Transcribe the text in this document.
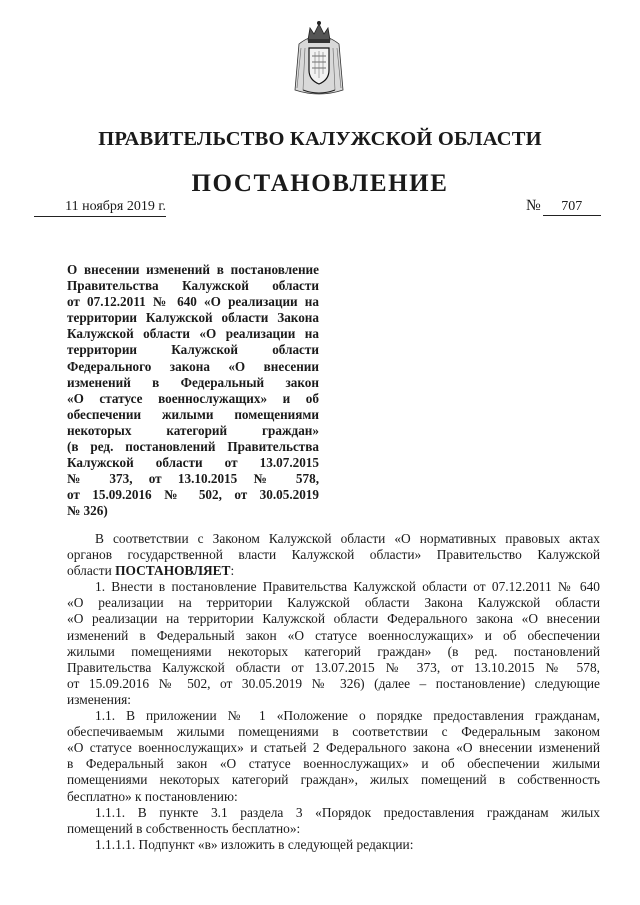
ПРАВИТЕЛЬСТВО КАЛУЖСКОЙ ОБЛАСТИ
ПОСТАНОВЛЕНИЕ
11 ноября 2019 г.	№ 707
О внесении изменений в постановление
Правительства Калужской области
от 07.12.2011 № 640 «О реализации на
территории Калужской области Закона
Калужской области «О реализации на
территории Калужской области
Федерального закона «О внесении
изменений в Федеральный закон
«О статусе военнослужащих» и об
обеспечении жилыми помещениями
некоторых категорий граждан»
(в ред. постановлений Правительства
Калужской области от 13.07.2015
№ 373, от 13.10.2015 № 578,
от 15.09.2016 № 502, от 30.05.2019
№ 326)
В соответствии с Законом Калужской области «О нормативных правовых актах
органов государственной власти Калужской области» Правительство Калужской
области ПОСТАНОВЛЯЕТ:
1. Внести в постановление Правительства Калужской области от 07.12.2011 № 640
«О реализации на территории Калужской области Закона Калужской области
«О реализации на территории Калужской области Федерального закона «О внесении
изменений в Федеральный закон «О статусе военнослужащих» и об обеспечении
жилыми помещениями некоторых категорий граждан» (в ред. постановлений
Правительства Калужской области от 13.07.2015 № 373, от 13.10.2015 № 578,
от 15.09.2016 № 502, от 30.05.2019 № 326) (далее – постановление) следующие
изменения:
1.1. В приложении № 1 «Положение о порядке предоставления гражданам,
обеспечиваемым жилыми помещениями в соответствии с Федеральным законом
«О статусе военнослужащих» и статьей 2 Федерального закона «О внесении изменений
в Федеральный закон «О статусе военнослужащих» и об обеспечении жилыми
помещениями некоторых категорий граждан», жилых помещений в собственность
бесплатно» к постановлению:
1.1.1. В пункте 3.1 раздела 3 «Порядок предоставления гражданам жилых
помещений в собственность бесплатно»:
1.1.1.1. Подпункт «в» изложить в следующей редакции:
